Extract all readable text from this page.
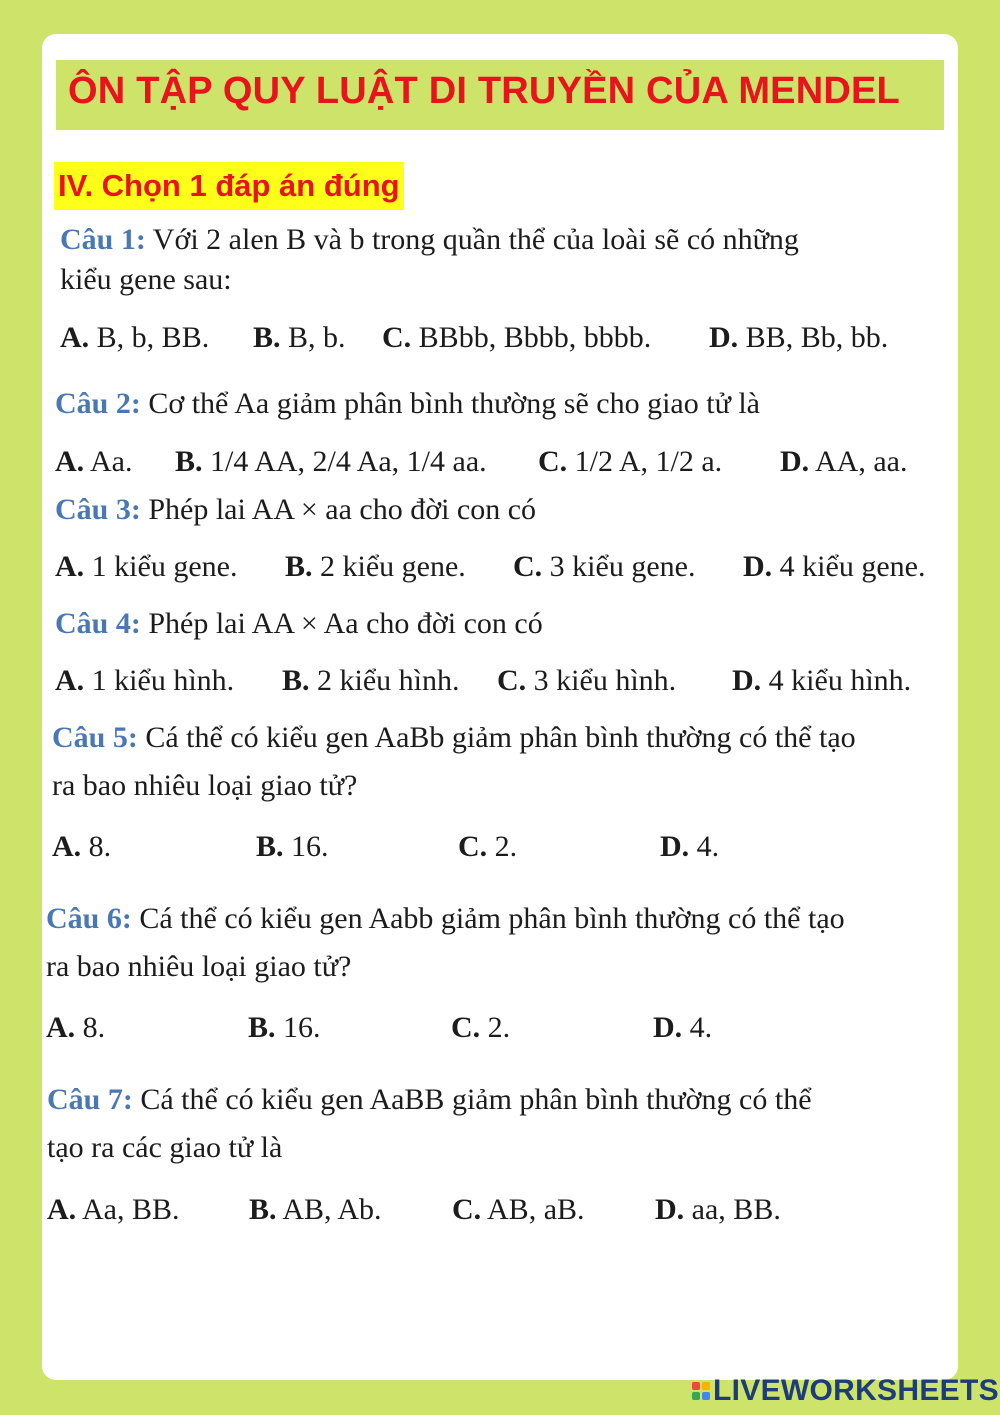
ÔN TẬP QUY LUẬT DI TRUYỀN CỦA MENDEL
IV. Chọn 1 đáp án đúng
Câu 1: Với 2 alen B và b trong quần thể của loài sẽ có những
kiểu gene sau:
A. B, b, BB. B. B, b. C. BBbb, Bbbb, bbbb. D. BB, Bb, bb.
Câu 2: Cơ thể Aa giảm phân bình thường sẽ cho giao tử là
A. Aa. B. 1/4 AA, 2/4 Aa, 1/4 aa. C. 1/2 A, 1/2 a. D. AA, aa.
Câu 3: Phép lai AA × aa cho đời con có
A. 1 kiểu gene. B. 2 kiểu gene. C. 3 kiểu gene. D. 4 kiểu gene.
Câu 4: Phép lai AA × Aa cho đời con có
A. 1 kiểu hình. B. 2 kiểu hình. C. 3 kiểu hình. D. 4 kiểu hình.
Câu 5: Cá thể có kiểu gen AaBb giảm phân bình thường có thể tạo
ra bao nhiêu loại giao tử?
A. 8.	B. 16.	C. 2.	D. 4.
Câu 6: Cá thể có kiểu gen Aabb giảm phân bình thường có thể tạo
ra bao nhiêu loại giao tử?
A. 8.	B. 16.	C. 2.	D. 4.
Câu 7: Cá thể có kiểu gen AaBB giảm phân bình thường có thể
tạo ra các giao tử là
A. Aa, BB. B. AB, Ab. C. AB, aB. D. aa, BB.
LIVEWORKSHEETS
